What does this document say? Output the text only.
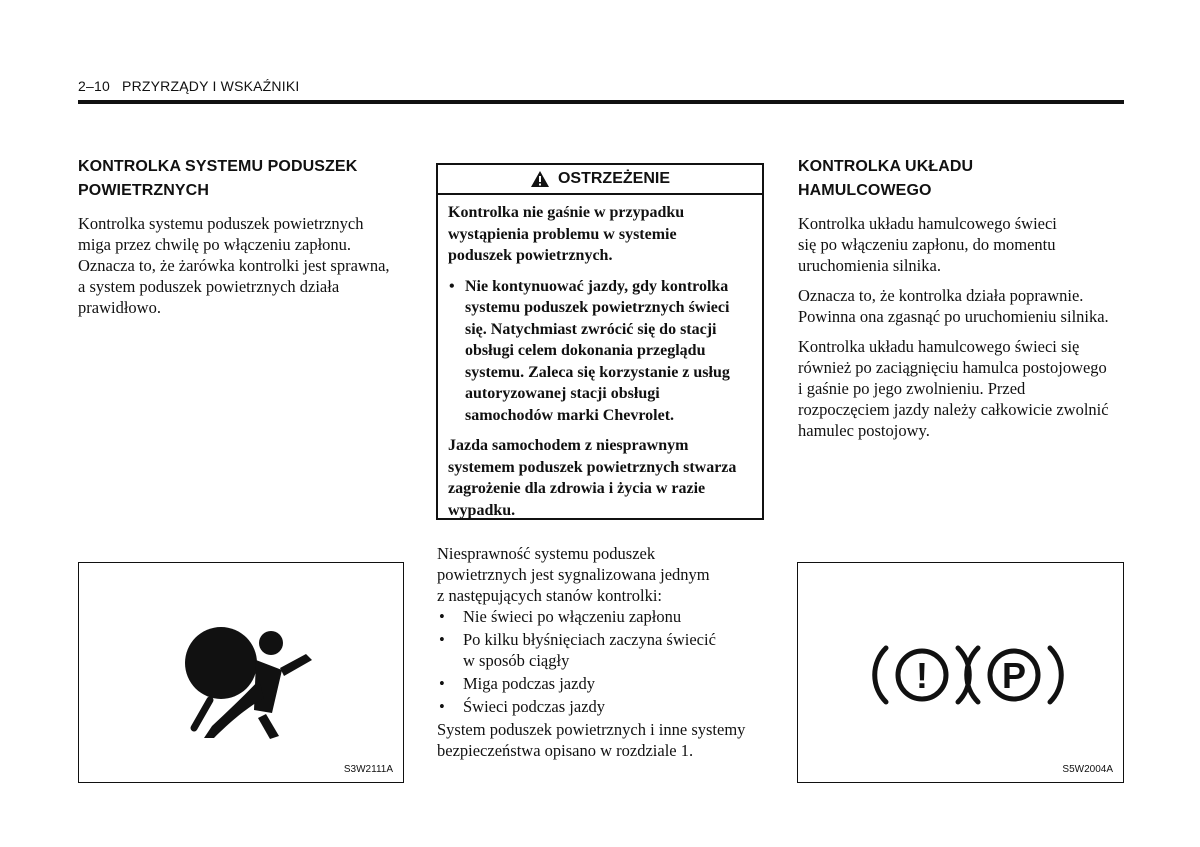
2–10 PRZYRZĄDY I WSKAŹNIKI
KONTROLKA SYSTEMU PODUSZEK
POWIETRZNYCH
Kontrolka systemu poduszek powietrznych
miga przez chwilę po włączeniu zapłonu.
Oznacza to, że żarówka kontrolki jest sprawna,
a system poduszek powietrznych działa
prawidłowo.
S3W2111A
OSTRZEŻENIE

Kontrolka nie gaśnie w przypadku
wystąpienia problemu w systemie
poduszek powietrznych.

• Nie kontynuować jazdy, gdy kontrolka
systemu poduszek powietrznych świeci
się. Natychmiast zwrócić się do stacji
obsługi celem dokonania przeglądu
systemu. Zaleca się korzystanie z usług
autoryzowanej stacji obsługi
samochodów marki Chevrolet.

Jazda samochodem z niesprawnym
systemem poduszek powietrznych stwarza
zagrożenie dla zdrowia i życia w razie
wypadku.

Niesprawność systemu poduszek
powietrznych jest sygnalizowana jednym
z następujących stanów kontrolki:
• Nie świeci po włączeniu zapłonu
• Po kilku błyśnięciach zaczyna świecić
w sposób ciągły
• Miga podczas jazdy
• Świeci podczas jazdy
System poduszek powietrznych i inne systemy
bezpieczeństwa opisano w rozdziale 1.
KONTROLKA UKŁADU
HAMULCOWEGO

Kontrolka układu hamulcowego świeci
się po włączeniu zapłonu, do momentu
uruchomienia silnika.

Oznacza to, że kontrolka działa poprawnie.
Powinna ona zgasnąć po uruchomieniu silnika.

Kontrolka układu hamulcowego świeci się
również po zaciągnięciu hamulca postojowego
i gaśnie po jego zwolnieniu. Przed
rozpoczęciem jazdy należy całkowicie zwolnić
hamulec postojowy.

! P
S5W2004A
